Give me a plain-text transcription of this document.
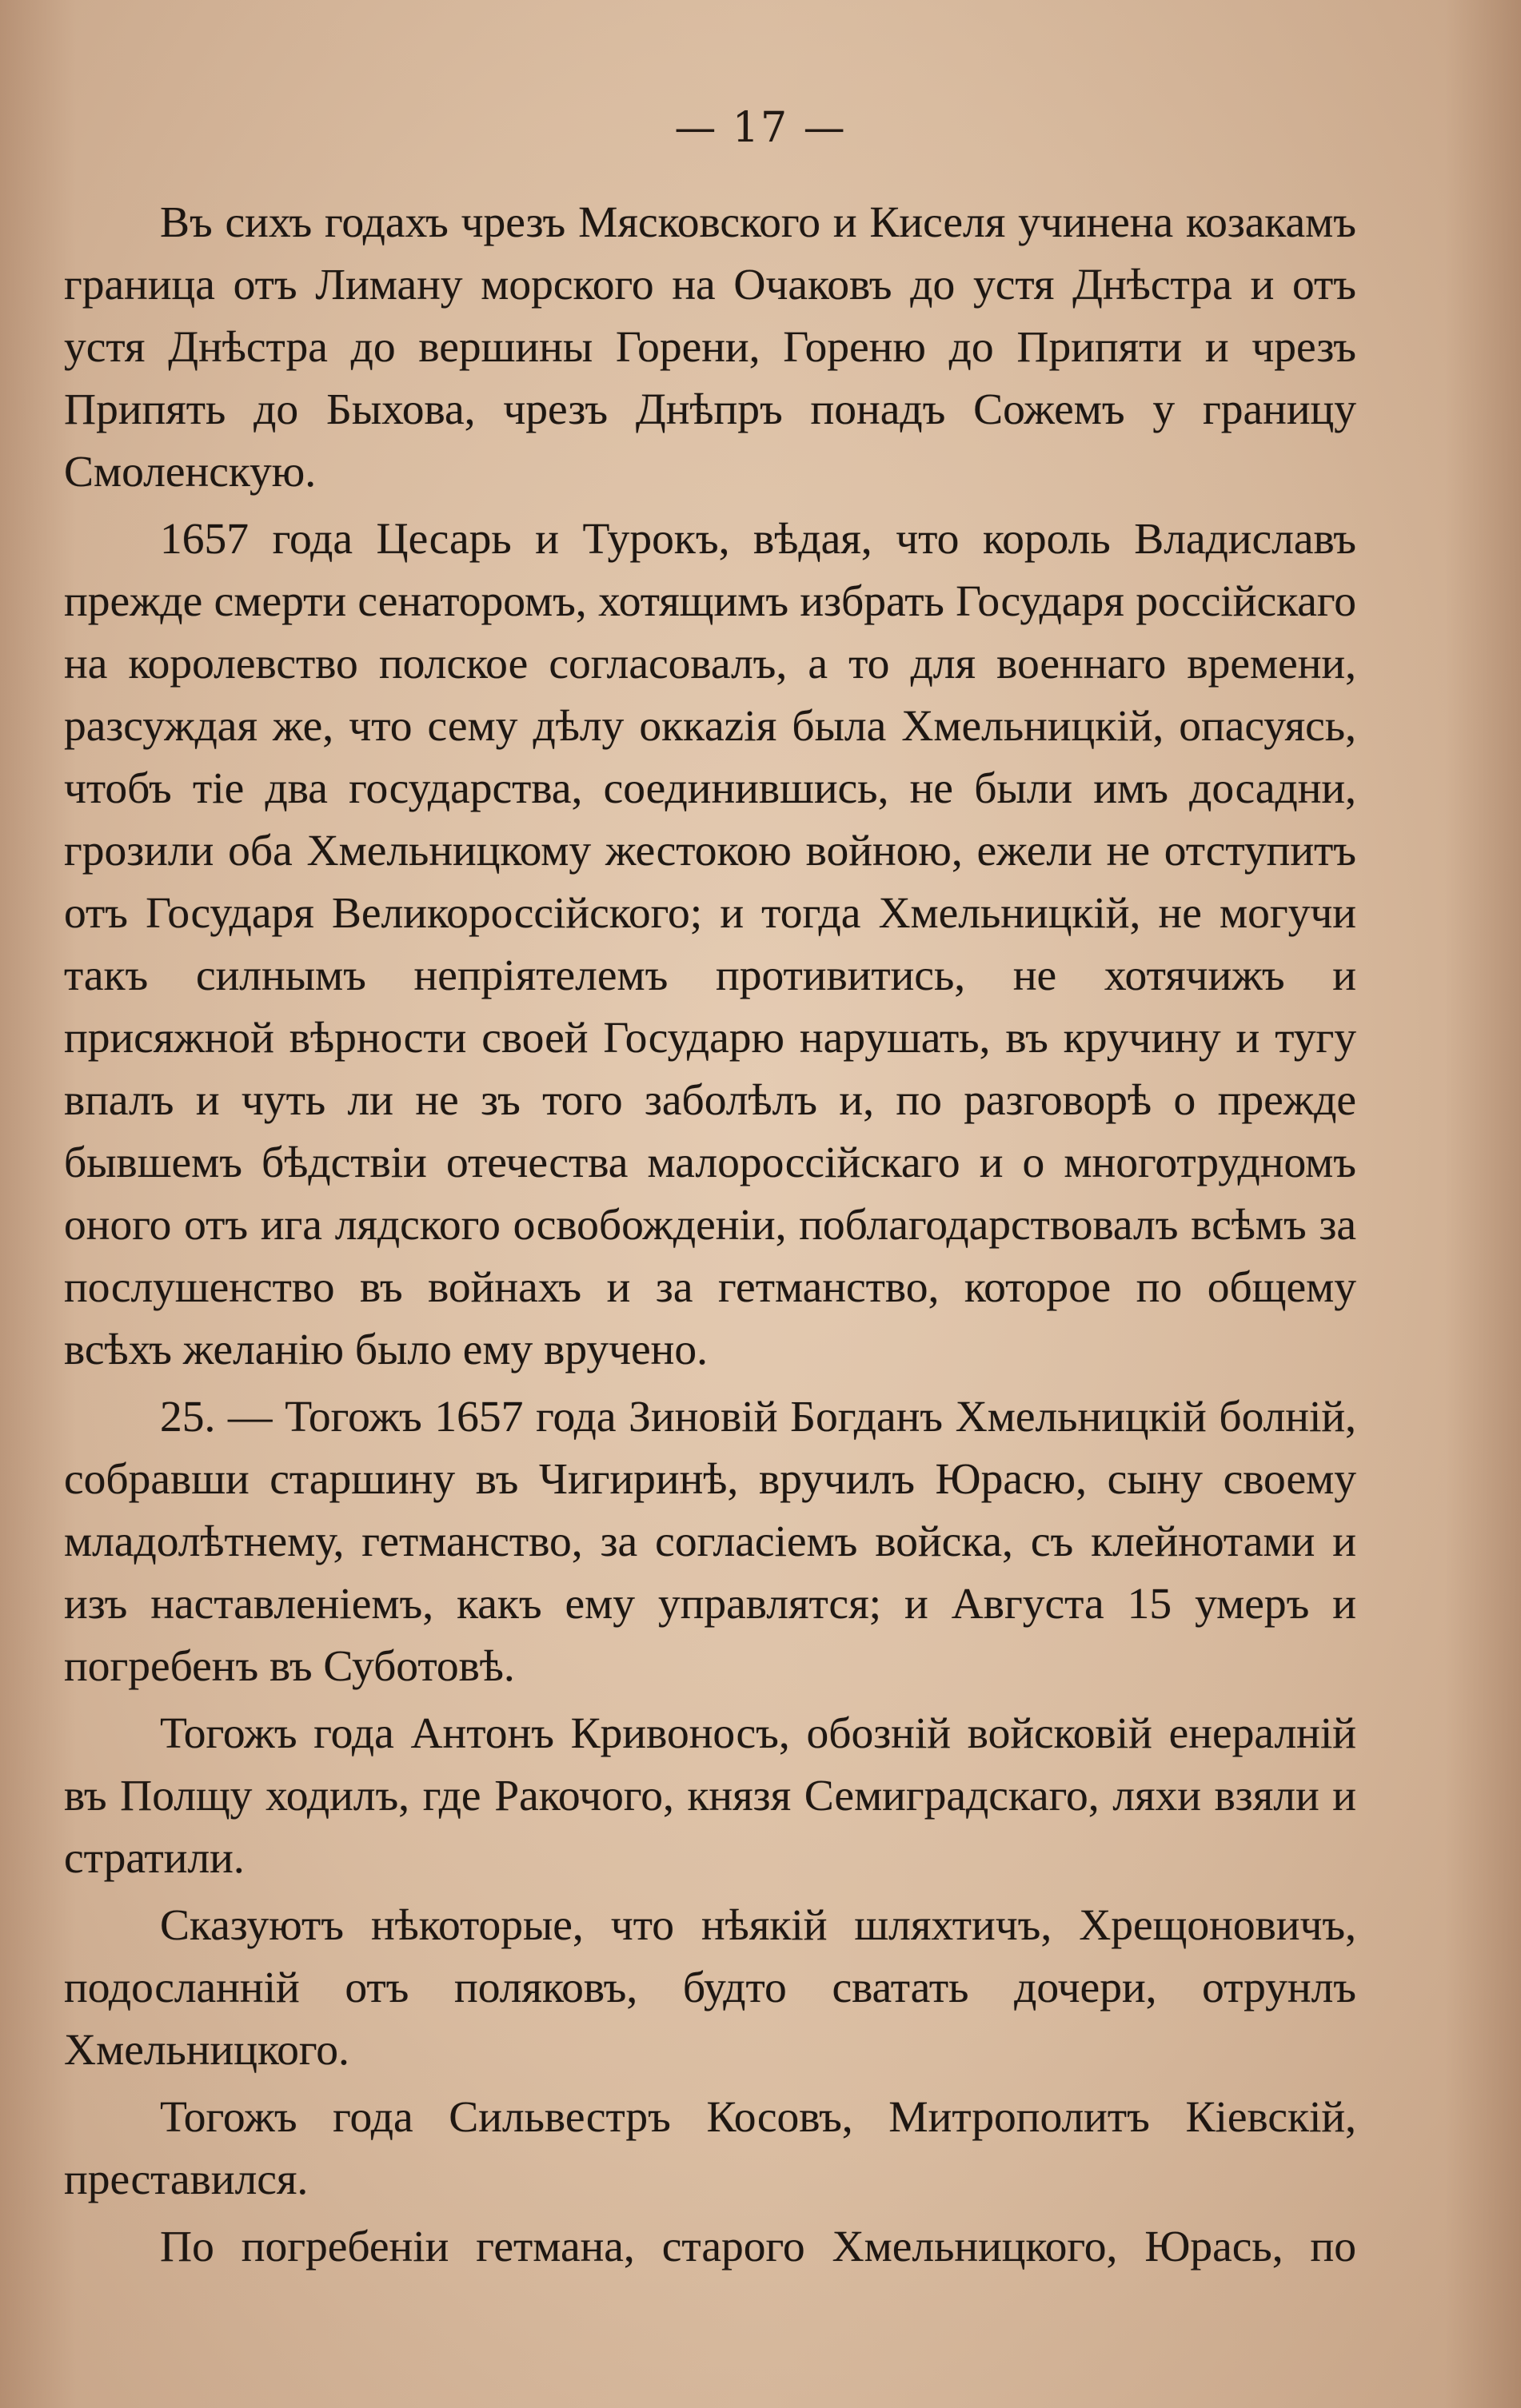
— 17 —

Въ сихъ годахъ чрезъ Мясковского и Киселя учинена козакамъ граница отъ Лиману морского на Очаковъ до устя Днѣстра и отъ устя Днѣстра до вершины Горени, Гореню до Припяти и чрезъ Припять до Быхова, чрезъ Днѣпръ понадъ Сожемъ у границу Смоленскую.

1657 года Цесарь и Турокъ, вѣдая, что король Владиславъ прежде смерти сенаторомъ, хотящимъ избрать Государя россійскаго на королевство полское согласовалъ, а то для военнаго времени, разсуждая же, что сему дѣлу оккazія была Хмельницкій, опасуясь, чтобъ тіе два государства, соединившись, не были имъ досадни, грозили оба Хмельницкому жестокою войною, ежели не отступитъ отъ Государя Великороссійского; и тогда Хмельницкій, не могучи такъ силнымъ непріятелемъ противитись, не хотячижъ и присяжной вѣрности своей Государю нарушать, въ кручину и тугу впалъ и чуть ли не зъ того заболѣлъ и, по разговорѣ о прежде бывшемъ бѣдствіи отечества малороссійскаго и о многотрудномъ оного отъ ига лядского освобожденіи, поблагодарствовалъ всѣмъ за послушенство въ войнахъ и за гетманство, которое по общему всѣхъ желанію было ему вручено.

25. — Тогожъ 1657 года Зиновій Богданъ Хмельницкій болній, собравши старшину въ Чигиринѣ, вручилъ Юрасю, сыну своему младолѣтнему, гетманство, за согласіемъ войска, съ клейнотами и изъ наставленіемъ, какъ ему управлятся; и Августа 15 умеръ и погребенъ въ Суботовѣ.

Тогожъ года Антонъ Кривоносъ, обозній войсковій енералній въ Полщу ходилъ, где Ракочого, князя Семиградскаго, ляхи взяли и стратили.

Сказуютъ нѣкоторые, что нѣякій шляхтичъ, Хрещоновичъ, подосланній отъ поляковъ, будто сватать дочери, отрунлъ Хмельницкого.

Тогожъ года Сильвестръ Косовъ, Митрополитъ Кіевскій, преставился.

По погребеніи гетмана, старого Хмельницкого, Юрась, по
